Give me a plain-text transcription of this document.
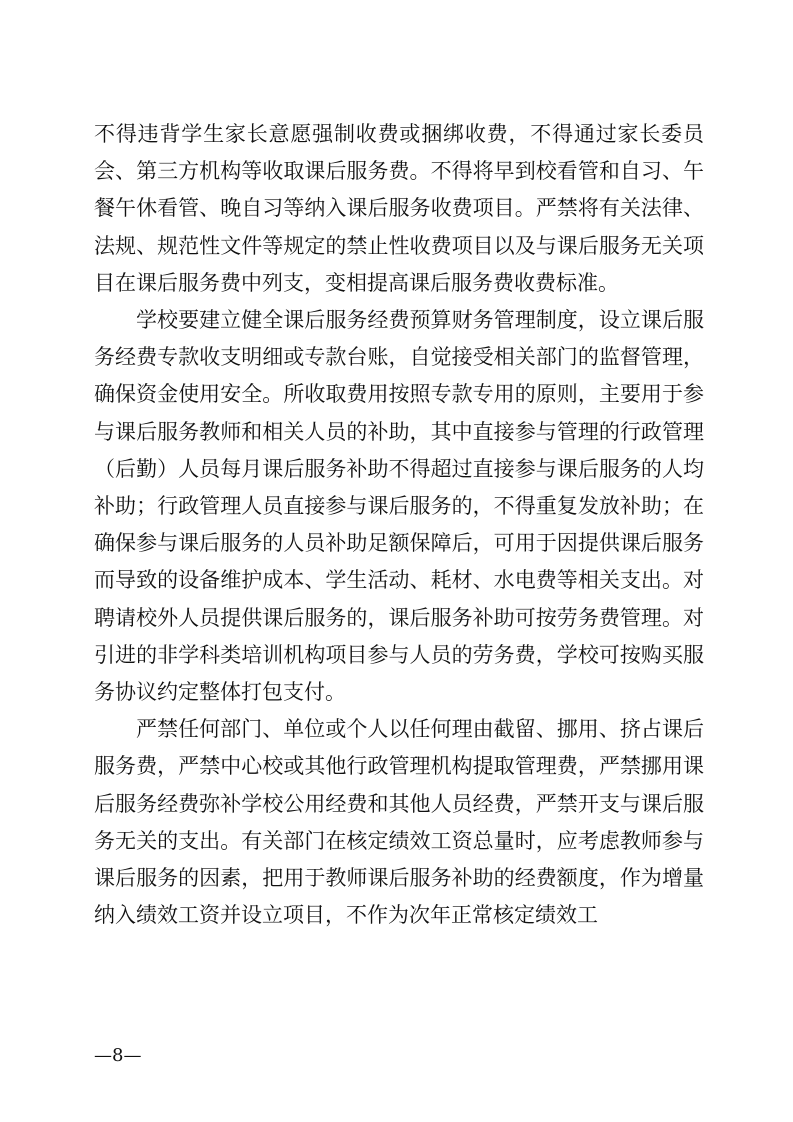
不得违背学生家长意愿强制收费或捆绑收费，不得通过家长委员会、第三方机构等收取课后服务费。不得将早到校看管和自习、午餐午休看管、晚自习等纳入课后服务收费项目。严禁将有关法律、法规、规范性文件等规定的禁止性收费项目以及与课后服务无关项目在课后服务费中列支，变相提高课后服务费收费标准。

学校要建立健全课后服务经费预算财务管理制度，设立课后服务经费专款收支明细或专款台账，自觉接受相关部门的监督管理，确保资金使用安全。所收取费用按照专款专用的原则，主要用于参与课后服务教师和相关人员的补助，其中直接参与管理的行政管理（后勤）人员每月课后服务补助不得超过直接参与课后服务的人均补助；行政管理人员直接参与课后服务的，不得重复发放补助；在确保参与课后服务的人员补助足额保障后，可用于因提供课后服务而导致的设备维护成本、学生活动、耗材、水电费等相关支出。对聘请校外人员提供课后服务的，课后服务补助可按劳务费管理。对引进的非学科类培训机构项目参与人员的劳务费，学校可按购买服务协议约定整体打包支付。

严禁任何部门、单位或个人以任何理由截留、挪用、挤占课后服务费，严禁中心校或其他行政管理机构提取管理费，严禁挪用课后服务经费弥补学校公用经费和其他人员经费，严禁开支与课后服务无关的支出。有关部门在核定绩效工资总量时，应考虑教师参与课后服务的因素，把用于教师课后服务补助的经费额度，作为增量纳入绩效工资并设立项目，不作为次年正常核定绩效工

—8—
